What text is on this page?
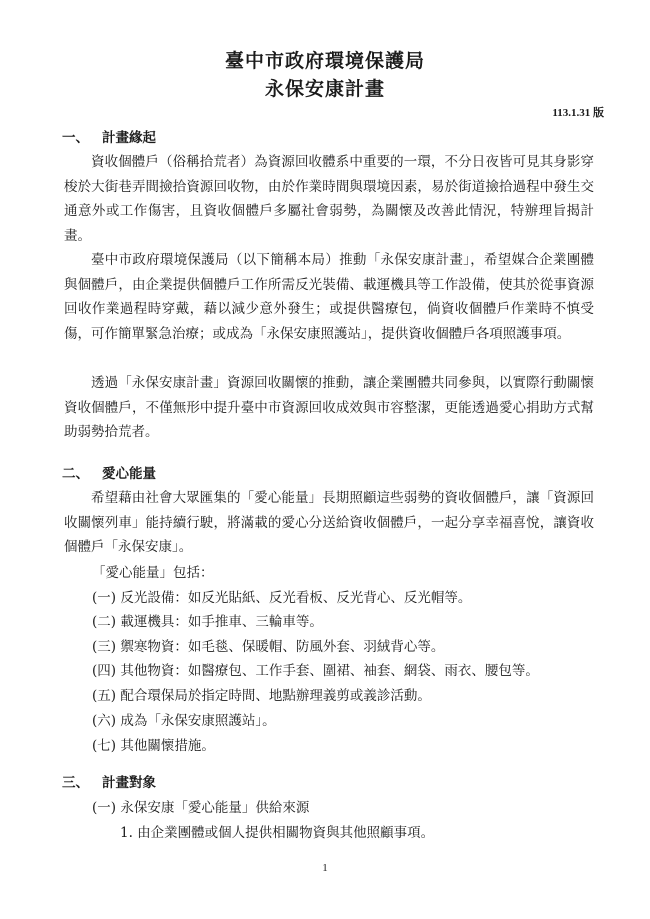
臺中市政府環境保護局
永保安康計畫
113.1.31 版
一、 計畫緣起

資收個體戶（俗稱拾荒者）為資源回收體系中重要的一環，不分日夜皆可見其身影穿梭於大街巷弄間撿拾資源回收物，由於作業時間與環境因素，易於街道撿拾過程中發生交通意外或工作傷害，且資收個體戶多屬社會弱勢，為關懷及改善此情況，特辦理旨揭計畫。

臺中市政府環境保護局（以下簡稱本局）推動「永保安康計畫」，希望媒合企業團體與個體戶，由企業提供個體戶工作所需反光裝備、載運機具等工作設備，使其於從事資源回收作業過程時穿戴，藉以減少意外發生；或提供醫療包，倘資收個體戶作業時不慎受傷，可作簡單緊急治療；或成為「永保安康照護站」，提供資收個體戶各項照護事項。

透過「永保安康計畫」資源回收關懷的推動，讓企業團體共同參與，以實際行動關懷資收個體戶，不僅無形中提升臺中市資源回收成效與市容整潔，更能透過愛心捐助方式幫助弱勢拾荒者。

二、 愛心能量

希望藉由社會大眾匯集的「愛心能量」長期照顧這些弱勢的資收個體戶，讓「資源回收關懷列車」能持續行駛，將滿載的愛心分送給資收個體戶，一起分享幸福喜悅，讓資收個體戶「永保安康」。

「愛心能量」包括：

(一) 反光設備：如反光貼紙、反光看板、反光背心、反光帽等。

(二) 載運機具：如手推車、三輪車等。

(三) 禦寒物資：如毛毯、保暖帽、防風外套、羽絨背心等。

(四) 其他物資：如醫療包、工作手套、圍裙、袖套、網袋、雨衣、腰包等。

(五) 配合環保局於指定時間、地點辦理義剪或義診活動。

(六) 成為「永保安康照護站」。

(七) 其他關懷措施。

三、 計畫對象

(一) 永保安康「愛心能量」供給來源

1. 由企業團體或個人提供相關物資與其他照顧事項。

1
